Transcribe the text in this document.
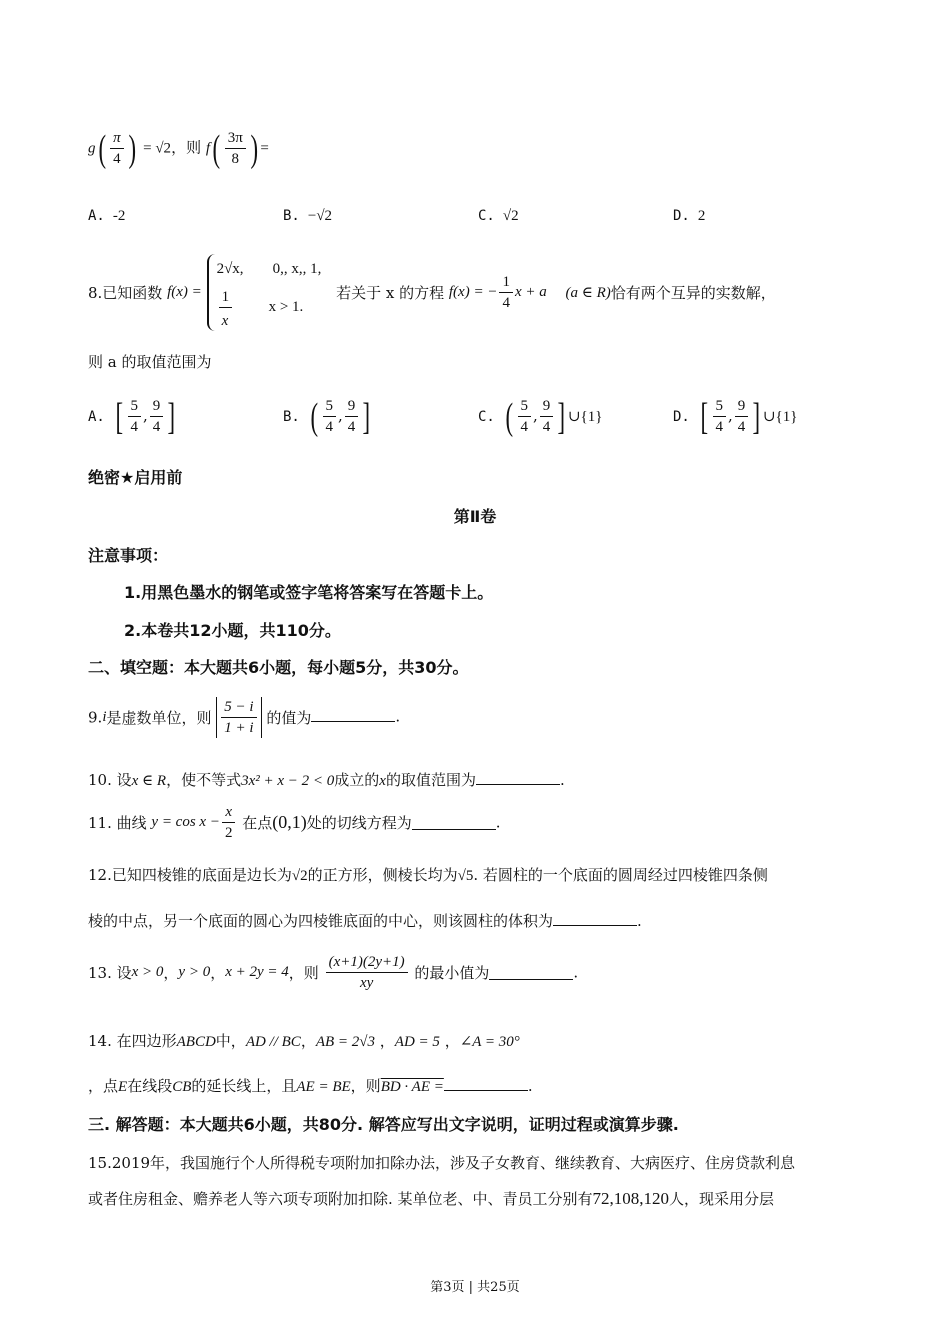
$g( \frac{\pi}{4}$ ) = √2，则 $f( \frac{3\pi}{8}$ ) =
A. -2	B. −√2	C. √2	D. 2
8.已知函数 f(x) =
2√x, 0,, x,, 1,
$\frac{1}{x}$ x > 1.
若关于 x 的方程 f(x) = − $\frac{1}{4}$ x + a (a ∈ R)恰有两个互异的实数解，
则 a 的取值范围为
A. [ $\frac{5}{4}$ , $\frac{9}{4}$ ]	B. ( $\frac{5}{4}$ , $\frac{9}{4}$ ]	C. ( $\frac{5}{4}$ , $\frac{9}{4}$ ] ∪{1}	D. [ $\frac{5}{4}$ , $\frac{9}{4}$ ] ∪{1}
绝密★启用前
第Ⅱ卷
注意事项：
1.用黑色墨水的钢笔或签字笔将答案写在答题卡上。
2.本卷共12小题，共110分。
二、填空题：本大题共6小题，每小题5分，共30分。
9.i是虚数单位，则 $\frac{5 - i}{1 + i}$ 的值为	.
10. 设x ∈ R，使不等式3x² + x − 2 < 0成立的x的取值范围为	.
11. 曲线 $y = \cos x - \frac{x}{2}$ 在点(0,1)处的切线方程为	.
12.已知四棱锥的底面是边长为√2的正方形，侧棱长均为√5. 若圆柱的一个底面的圆周经过四棱锥四条侧
棱的中点，另一个底面的圆心为四棱锥底面的中心，则该圆柱的体积为	.
13. 设x > 0，y > 0，x + 2y = 4，则 $\frac{(x+1)(2y+1)}{xy}$ 的最小值为	.
14. 在四边形ABCD中，AD // BC，AB = 2√3 ，AD = 5 ，∠A = 30°
，点E在线段CB的延长线上，且AE = BE，则BD · AE =	.
三. 解答题：本大题共6小题，共80分. 解答应写出文字说明，证明过程或演算步骤.
15.2019年，我国施行个人所得税专项附加扣除办法，涉及子女教育、继续教育、大病医疗、住房贷款利息
或者住房租金、赡养老人等六项专项附加扣除. 某单位老、中、青员工分别有72,108,120人，现采用分层
第3页 | 共25页
